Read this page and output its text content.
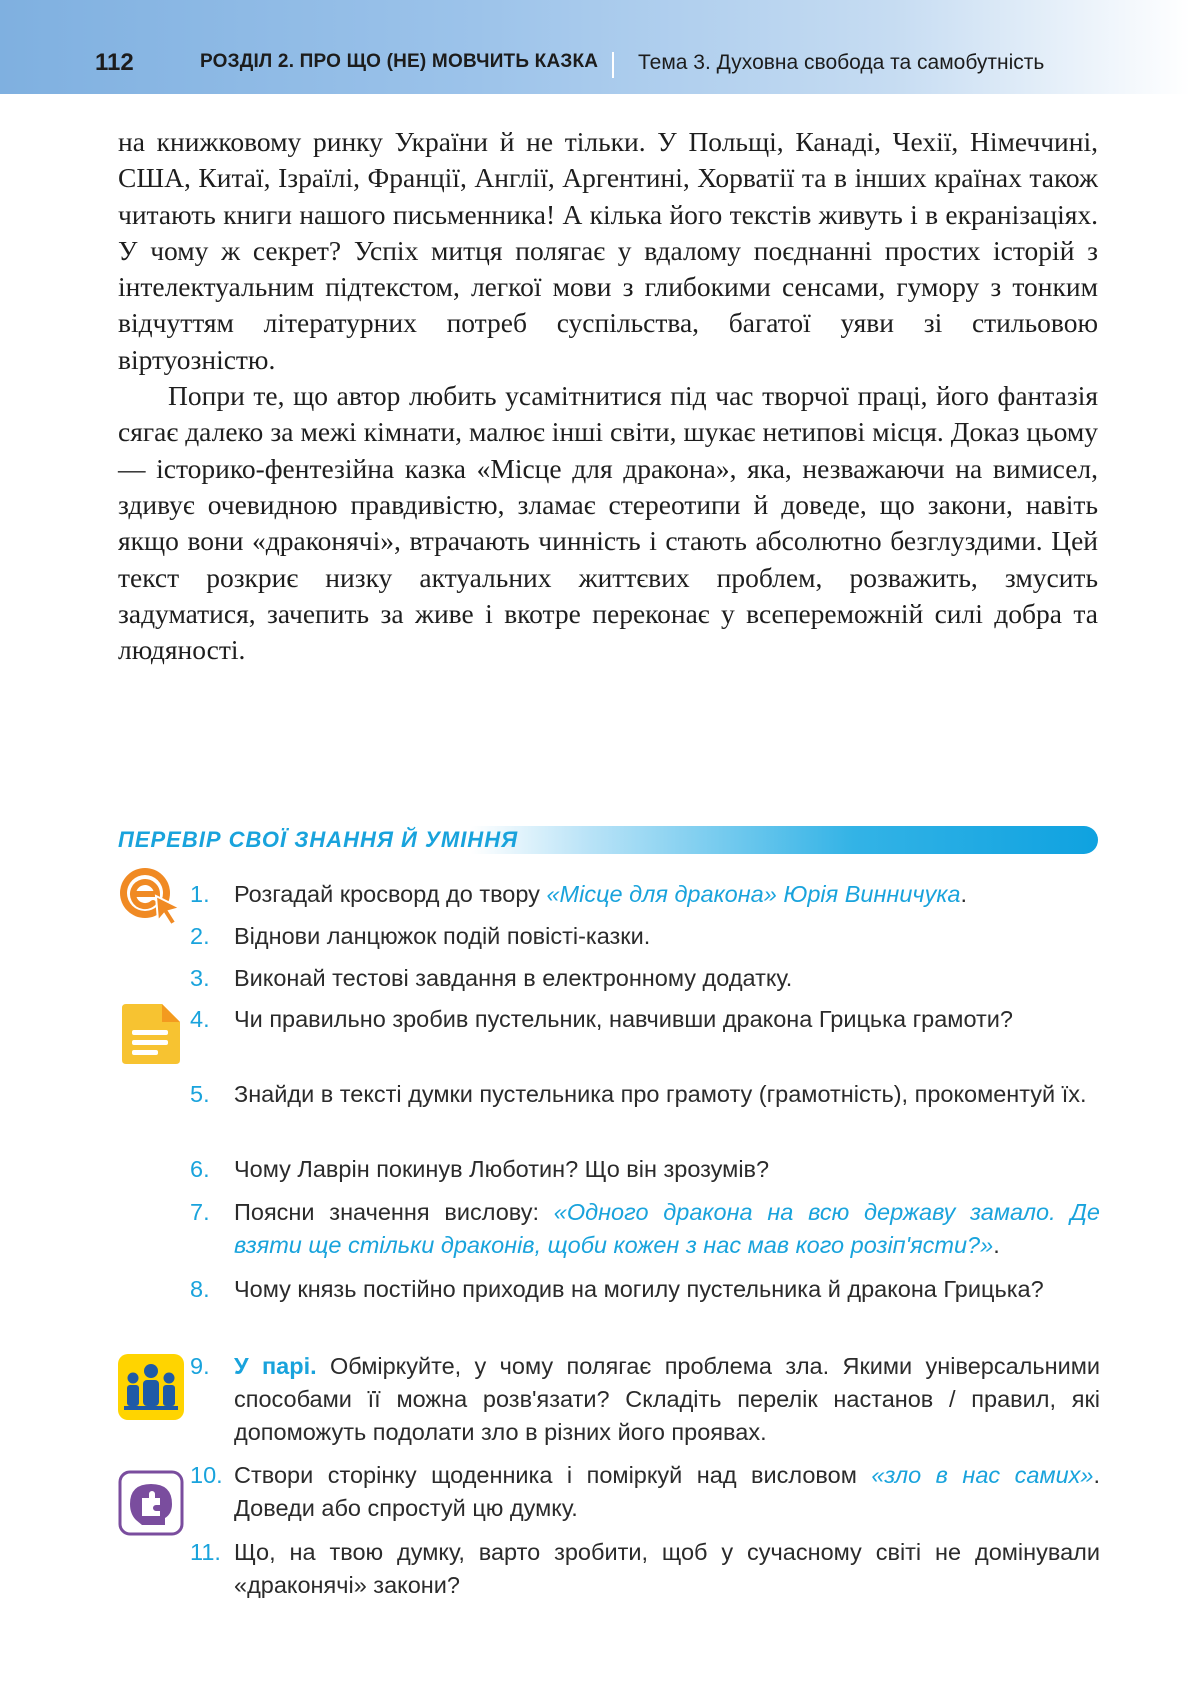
112	РОЗДІЛ 2. ПРО ЩО (НЕ) МОВЧИТЬ КАЗКА Тема 3. Духовна свобода та самобутність

на книжковому ринку України й не тільки. У Польщі, Канаді, Чехії, Німеччині, США, Китаї, Ізраїлі, Франції, Англії, Аргентині, Хорватії та в інших країнах також читають книги нашого письменника! А кілька його текстів живуть і в екранізаціях. У чому ж секрет? Успіх митця полягає у вдалому поєднанні простих історій з інтелектуальним підтекстом, легкої мови з глибокими сенсами, гумору з тонким відчуттям літературних потреб суспільства, багатої уяви зі стильовою віртуозністю.

Попри те, що автор любить усамітнитися під час творчої праці, його фантазія сягає далеко за межі кімнати, малює інші світи, шукає нетипові місця. Доказ цьому — історико-фентезійна казка «Місце для дракона», яка, незважаючи на вимисел, здивує очевидною правдивістю, зламає стереотипи й доведе, що закони, навіть якщо вони «драконячі», втрачають чинність і стають абсолютно безглуздими. Цей текст розкриє низку актуальних життєвих проблем, розважить, змусить задуматися, зачепить за живе і вкотре переконає у всепереможній силі добра та людяності.

ПЕРЕВІР СВОЇ ЗНАННЯ Й УМІННЯ
1. Розгадай кросворд до твору «Місце для дракона» Юрія Винничука.
2. Віднови ланцюжок подій повісті-казки.
3. Виконай тестові завдання в електронному додатку.
4. Чи правильно зробив пустельник, навчивши дракона Грицька грамоти?
5. Знайди в тексті думки пустельника про грамоту (грамотність), прокоментуй їх.
6. Чому Лаврін покинув Люботин? Що він зрозумів?
7. Поясни значення вислову: «Одного дракона на всю державу замало. Де взяти ще стільки драконів, щоби кожен з нас мав кого розіп'ясти?».
8. Чому князь постійно приходив на могилу пустельника й дракона Грицька?
9. У парі. Обміркуйте, у чому полягає проблема зла. Якими універсальними способами її можна розв'язати? Складіть перелік настанов / правил, які допоможуть подолати зло в різних його проявах.
10. Створи сторінку щоденника і поміркуй над висловом «зло в нас самих». Доведи або спростуй цю думку.
11. Що, на твою думку, варто зробити, щоб у сучасному світі не домінували «драконячі» закони?
